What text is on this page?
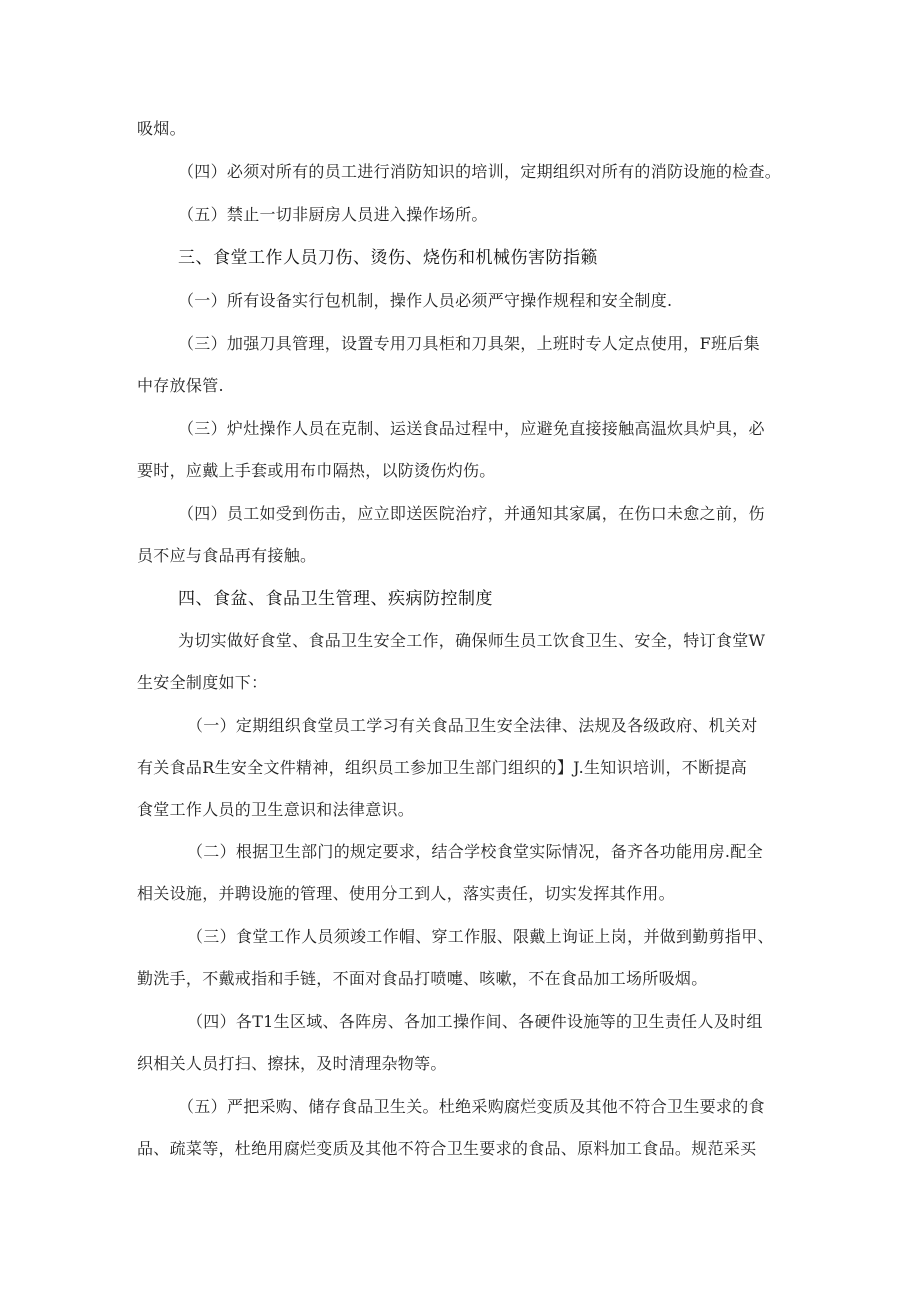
吸烟。
（四）必须对所有的员工进行消防知识的培训，定期组织对所有的消防设施的检查。
（五）禁止一切非厨房人员进入操作场所。
三、食堂工作人员刀伤、烫伤、烧伤和机械伤害防指籁
（一）所有设备实行包机制，操作人员必须严守操作规程和安全制度.
（三）加强刀具管理，设置专用刀具柜和刀具架，上班时专人定点使用，F班后集
中存放保管.
（三）炉灶操作人员在克制、运送食品过程中，应避免直接接触高温炊具炉具，必
要时，应戴上手套或用布巾隔热，以防烫伤灼伤。
（四）员工如受到伤击，应立即送医院治疗，并通知其家属，在伤口未愈之前，伤
员不应与食品再有接触。
四、食盆、食品卫生管理、疾病防控制度
为切实做好食堂、食品卫生安全工作，确保师生员工饮食卫生、安全，特订食堂W
生安全制度如下：
（一）定期组织食堂员工学习有关食品卫生安全法律、法规及各级政府、机关对
有关食品R生安全文件精神，组织员工参加卫生部门组织的】J.生知识培训，不断提高
食堂工作人员的卫生意识和法律意识。
（二）根据卫生部门的规定要求，结合学校食堂实际情况，备齐各功能用房.配全
相关设施，并聘设施的管理、使用分工到人，落实责任，切实发挥其作用。
（三）食堂工作人员须竣工作帽、穿工作服、限戴上询证上岗，并做到勤剪指甲、
勤洗手，不戴戒指和手链，不面对食品打喷嚏、咳嗽，不在食品加工场所吸烟。
（四）各T1生区域、各阵房、各加工操作间、各硬件设施等的卫生责任人及时组
织相关人员打扫、擦抹，及时清理杂物等。
（五）严把采购、储存食品卫生关。杜绝采购腐烂变质及其他不符合卫生要求的食
品、疏菜等，杜绝用腐烂变质及其他不符合卫生要求的食品、原料加工食品。规范采买
